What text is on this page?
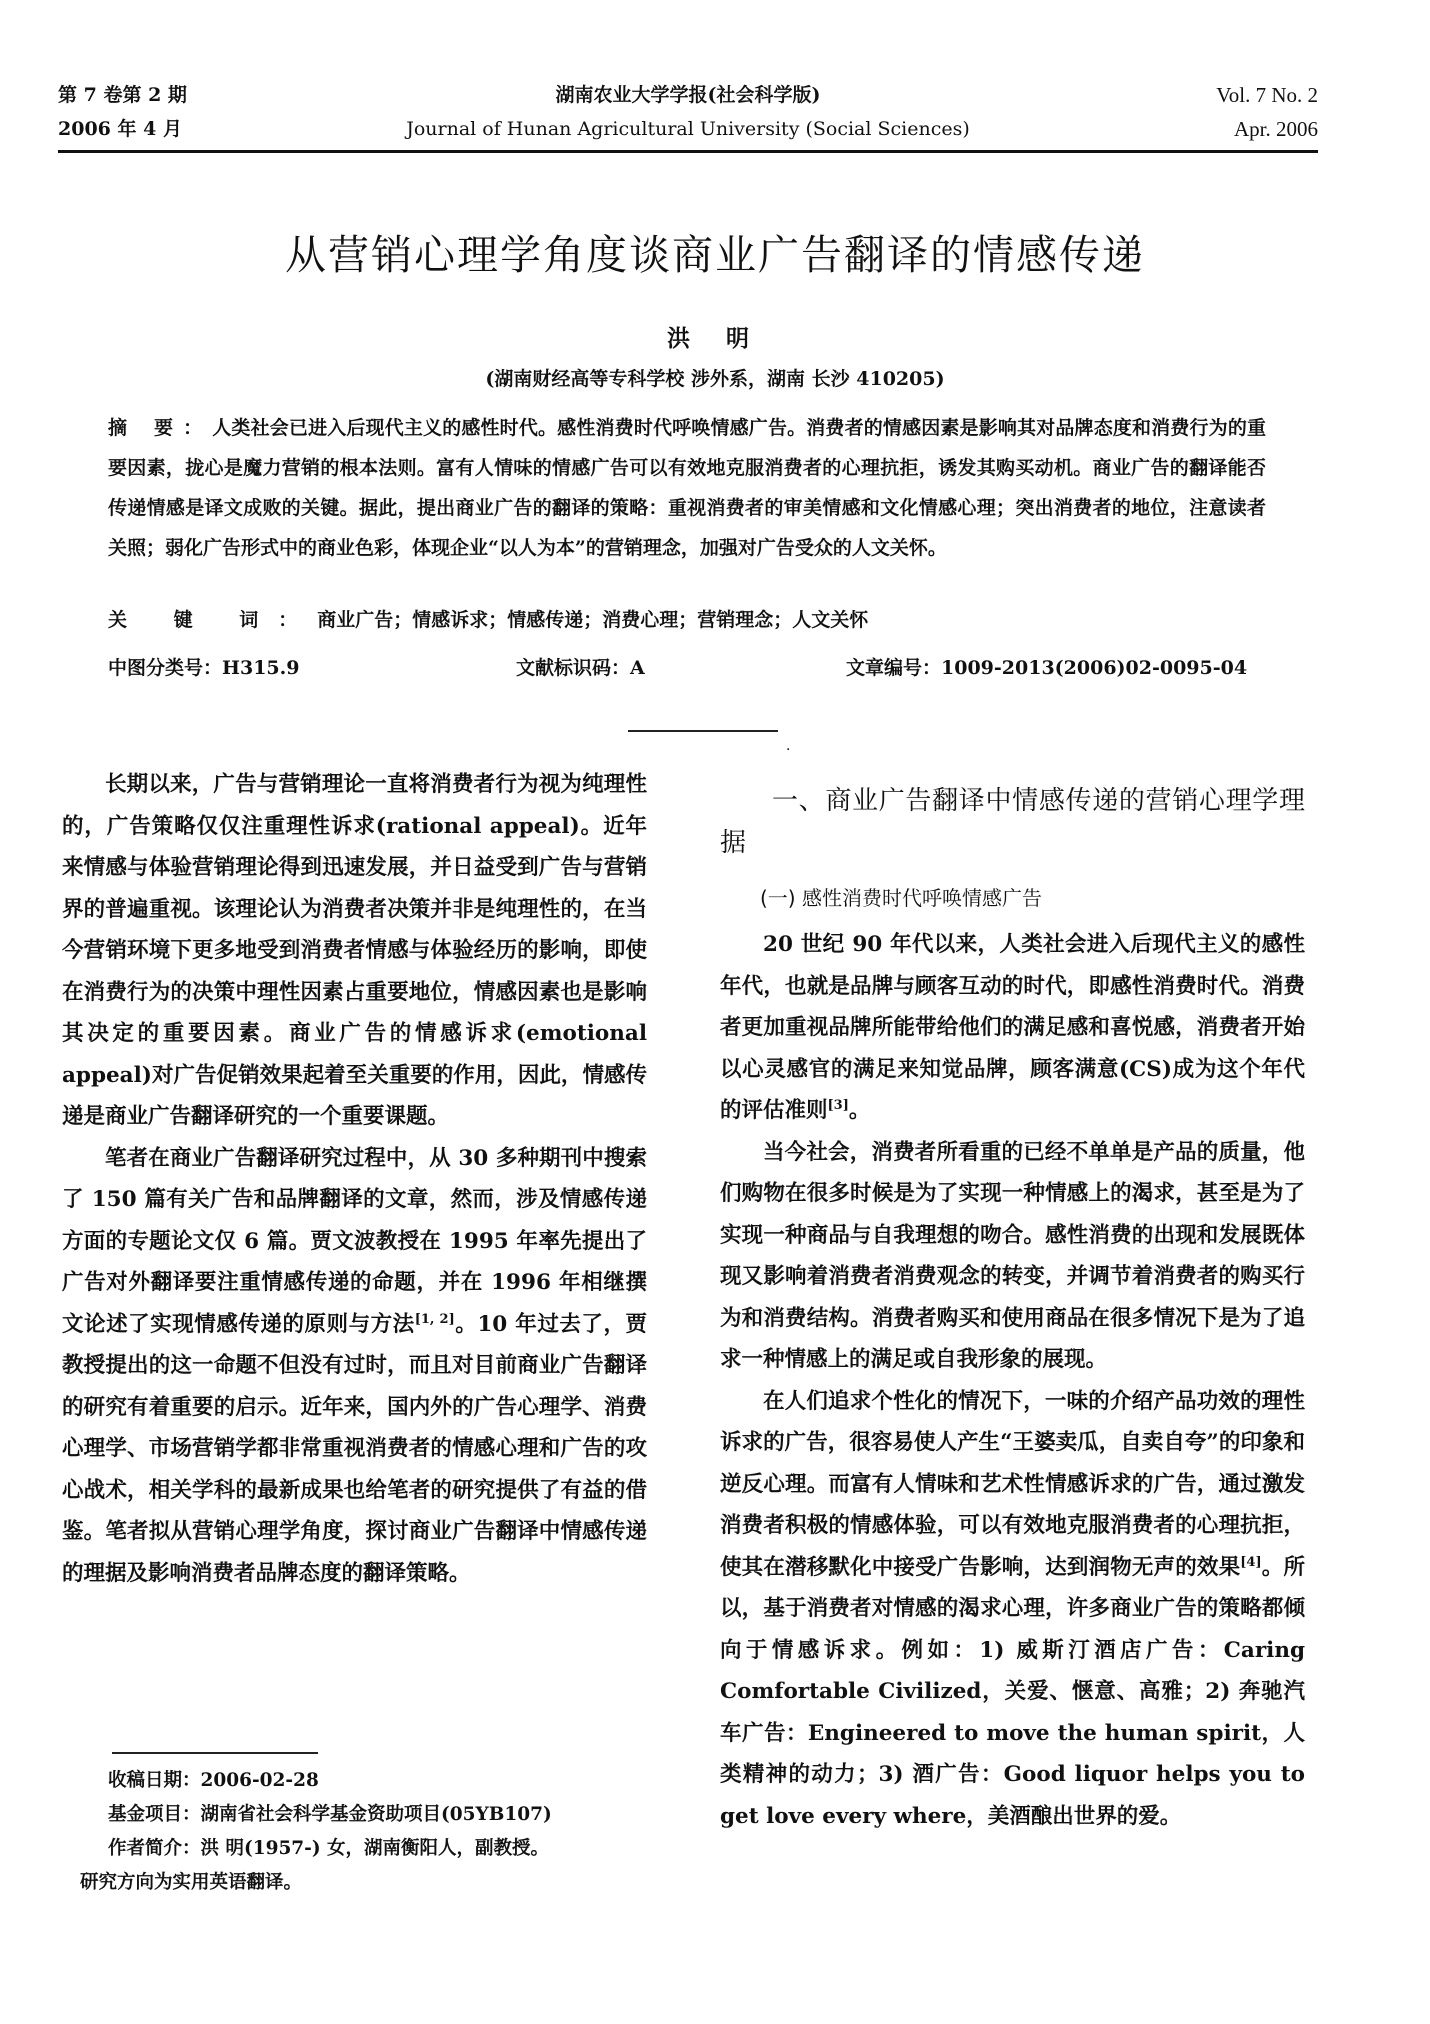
第 7 卷第 2 期
2006 年 4 月
湖南农业大学学报(社会科学版)
Journal of Hunan Agricultural University (Social Sciences)
Vol. 7 No. 2
Apr. 2006
从营销心理学角度谈商业广告翻译的情感传递
洪 明
(湖南财经高等专科学校 涉外系，湖南 长沙 410205)
摘 要：人类社会已进入后现代主义的感性时代。感性消费时代呼唤情感广告。消费者的情感因素是影响其对品牌态度和消费行为的重要因素，拢心是魔力营销的根本法则。富有人情味的情感广告可以有效地克服消费者的心理抗拒，诱发其购买动机。商业广告的翻译能否传递情感是译文成败的关键。据此，提出商业广告的翻译的策略：重视消费者的审美情感和文化情感心理；突出消费者的地位，注意读者关照；弱化广告形式中的商业色彩，体现企业“以人为本”的营销理念，加强对广告受众的人文关怀。
关 键 词：商业广告；情感诉求；情感传递；消费心理；营销理念；人文关怀
中图分类号：H315.9	文献标识码：A	文章编号：1009-2013(2006)02-0095-04
·

长期以来，广告与营销理论一直将消费者行为视为纯理性的，广告策略仅仅注重理性诉求(rational appeal)。近年来情感与体验营销理论得到迅速发展，并日益受到广告与营销界的普遍重视。该理论认为消费者决策并非是纯理性的，在当今营销环境下更多地受到消费者情感与体验经历的影响，即使在消费行为的决策中理性因素占重要地位，情感因素也是影响其决定的重要因素。商业广告的情感诉求(emotional appeal)对广告促销效果起着至关重要的作用，因此，情感传递是商业广告翻译研究的一个重要课题。

笔者在商业广告翻译研究过程中，从 30 多种期刊中搜索了 150 篇有关广告和品牌翻译的文章，然而，涉及情感传递方面的专题论文仅 6 篇。贾文波教授在 1995 年率先提出了广告对外翻译要注重情感传递的命题，并在 1996 年相继撰文论述了实现情感传递的原则与方法[1, 2]。10 年过去了，贾教授提出的这一命题不但没有过时，而且对目前商业广告翻译的研究有着重要的启示。近年来，国内外的广告心理学、消费心理学、市场营销学都非常重视消费者的情感心理和广告的攻心战术，相关学科的最新成果也给笔者的研究提供了有益的借鉴。笔者拟从营销心理学角度，探讨商业广告翻译中情感传递的理据及影响消费者品牌态度的翻译策略。

收稿日期：2006-02-28
基金项目：湖南省社会科学基金资助项目(05YB107)
作者简介：洪 明(1957-) 女，湖南衡阳人，副教授。
研究方向为实用英语翻译。
一、商业广告翻译中情感传递的营销心理学理据
(一) 感性消费时代呼唤情感广告

20 世纪 90 年代以来，人类社会进入后现代主义的感性年代，也就是品牌与顾客互动的时代，即感性消费时代。消费者更加重视品牌所能带给他们的满足感和喜悦感，消费者开始以心灵感官的满足来知觉品牌，顾客满意(CS)成为这个年代的评估准则[3]。

当今社会，消费者所看重的已经不单单是产品的质量，他们购物在很多时候是为了实现一种情感上的渴求，甚至是为了实现一种商品与自我理想的吻合。感性消费的出现和发展既体现又影响着消费者消费观念的转变，并调节着消费者的购买行为和消费结构。消费者购买和使用商品在很多情况下是为了追求一种情感上的满足或自我形象的展现。

在人们追求个性化的情况下，一味的介绍产品功效的理性诉求的广告，很容易使人产生“王婆卖瓜，自卖自夸”的印象和逆反心理。而富有人情味和艺术性情感诉求的广告，通过激发消费者积极的情感体验，可以有效地克服消费者的心理抗拒，使其在潜移默化中接受广告影响，达到润物无声的效果[4]。所以，基于消费者对情感的渴求心理，许多商业广告的策略都倾向于情感诉求。例如：1) 威斯汀酒店广告：Caring Comfortable Civilized，关爱、惬意、高雅；2) 奔驰汽车广告：Engineered to move the human spirit，人类精神的动力；3) 酒广告：Good liquor helps you to get love every where，美酒酿出世界的爱。
